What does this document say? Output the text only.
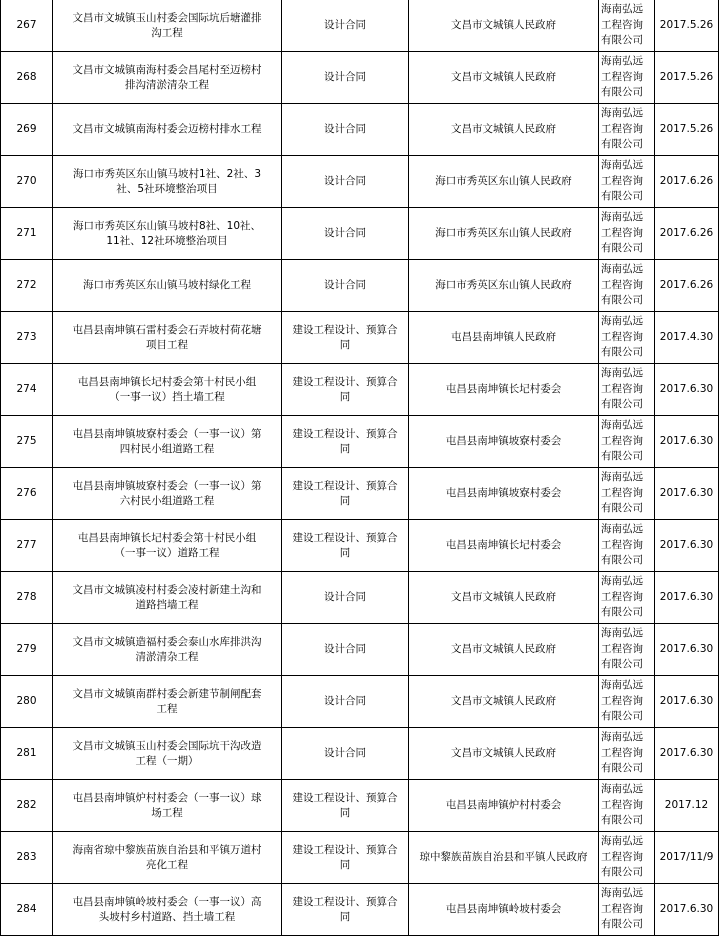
267	文昌市文城镇玉山村委会国际坑后塘灌排沟工程	设计合同	文昌市文城镇人民政府	海南弘远工程咨询有限公司	2017.5.26
268	文昌市文城镇南海村委会昌尾村至迈榜村排沟清淤清杂工程	设计合同	文昌市文城镇人民政府	海南弘远工程咨询有限公司	2017.5.26
269	文昌市文城镇南海村委会迈榜村排水工程	设计合同	文昌市文城镇人民政府	海南弘远工程咨询有限公司	2017.5.26
270	海口市秀英区东山镇马坡村1社、2社、3社、5社环境整治项目	设计合同	海口市秀英区东山镇人民政府	海南弘远工程咨询有限公司	2017.6.26
271	海口市秀英区东山镇马坡村8社、10社、11社、12社环境整治项目	设计合同	海口市秀英区东山镇人民政府	海南弘远工程咨询有限公司	2017.6.26
272	海口市秀英区东山镇马坡村绿化工程	设计合同	海口市秀英区东山镇人民政府	海南弘远工程咨询有限公司	2017.6.26
273	屯昌县南坤镇石雷村委会石弄坡村荷花塘项目工程	建设工程设计、预算合同	屯昌县南坤镇人民政府	海南弘远工程咨询有限公司	2017.4.30
274	屯昌县南坤镇长圮村委会第十村民小组（一事一议）挡土墙工程	建设工程设计、预算合同	屯昌县南坤镇长圮村委会	海南弘远工程咨询有限公司	2017.6.30
275	屯昌县南坤镇坡寮村委会（一事一议）第四村民小组道路工程	建设工程设计、预算合同	屯昌县南坤镇坡寮村委会	海南弘远工程咨询有限公司	2017.6.30
276	屯昌县南坤镇坡寮村委会（一事一议）第六村民小组道路工程	建设工程设计、预算合同	屯昌县南坤镇坡寮村委会	海南弘远工程咨询有限公司	2017.6.30
277	屯昌县南坤镇长圮村委会第十村民小组（一事一议）道路工程	建设工程设计、预算合同	屯昌县南坤镇长圮村委会	海南弘远工程咨询有限公司	2017.6.30
278	文昌市文城镇凌村村委会凌村新建土沟和道路挡墙工程	设计合同	文昌市文城镇人民政府	海南弘远工程咨询有限公司	2017.6.30
279	文昌市文城镇造福村委会泰山水库排洪沟清淤清杂工程	设计合同	文昌市文城镇人民政府	海南弘远工程咨询有限公司	2017.6.30
280	文昌市文城镇南群村委会新建节制闸配套工程	设计合同	文昌市文城镇人民政府	海南弘远工程咨询有限公司	2017.6.30
281	文昌市文城镇玉山村委会国际坑干沟改造工程（一期）	设计合同	文昌市文城镇人民政府	海南弘远工程咨询有限公司	2017.6.30
282	屯昌县南坤镇炉村村委会（一事一议）球场工程	建设工程设计、预算合同	屯昌县南坤镇炉村村委会	海南弘远工程咨询有限公司	2017.12
283	海南省琼中黎族苗族自治县和平镇万道村亮化工程	建设工程设计、预算合同	琼中黎族苗族自治县和平镇人民政府	海南弘远工程咨询有限公司	2017/11/9
284	屯昌县南坤镇岭坡村委会（一事一议）高头坡村乡村道路、挡土墙工程	建设工程设计、预算合同	屯昌县南坤镇岭坡村委会	海南弘远工程咨询有限公司	2017.6.30
